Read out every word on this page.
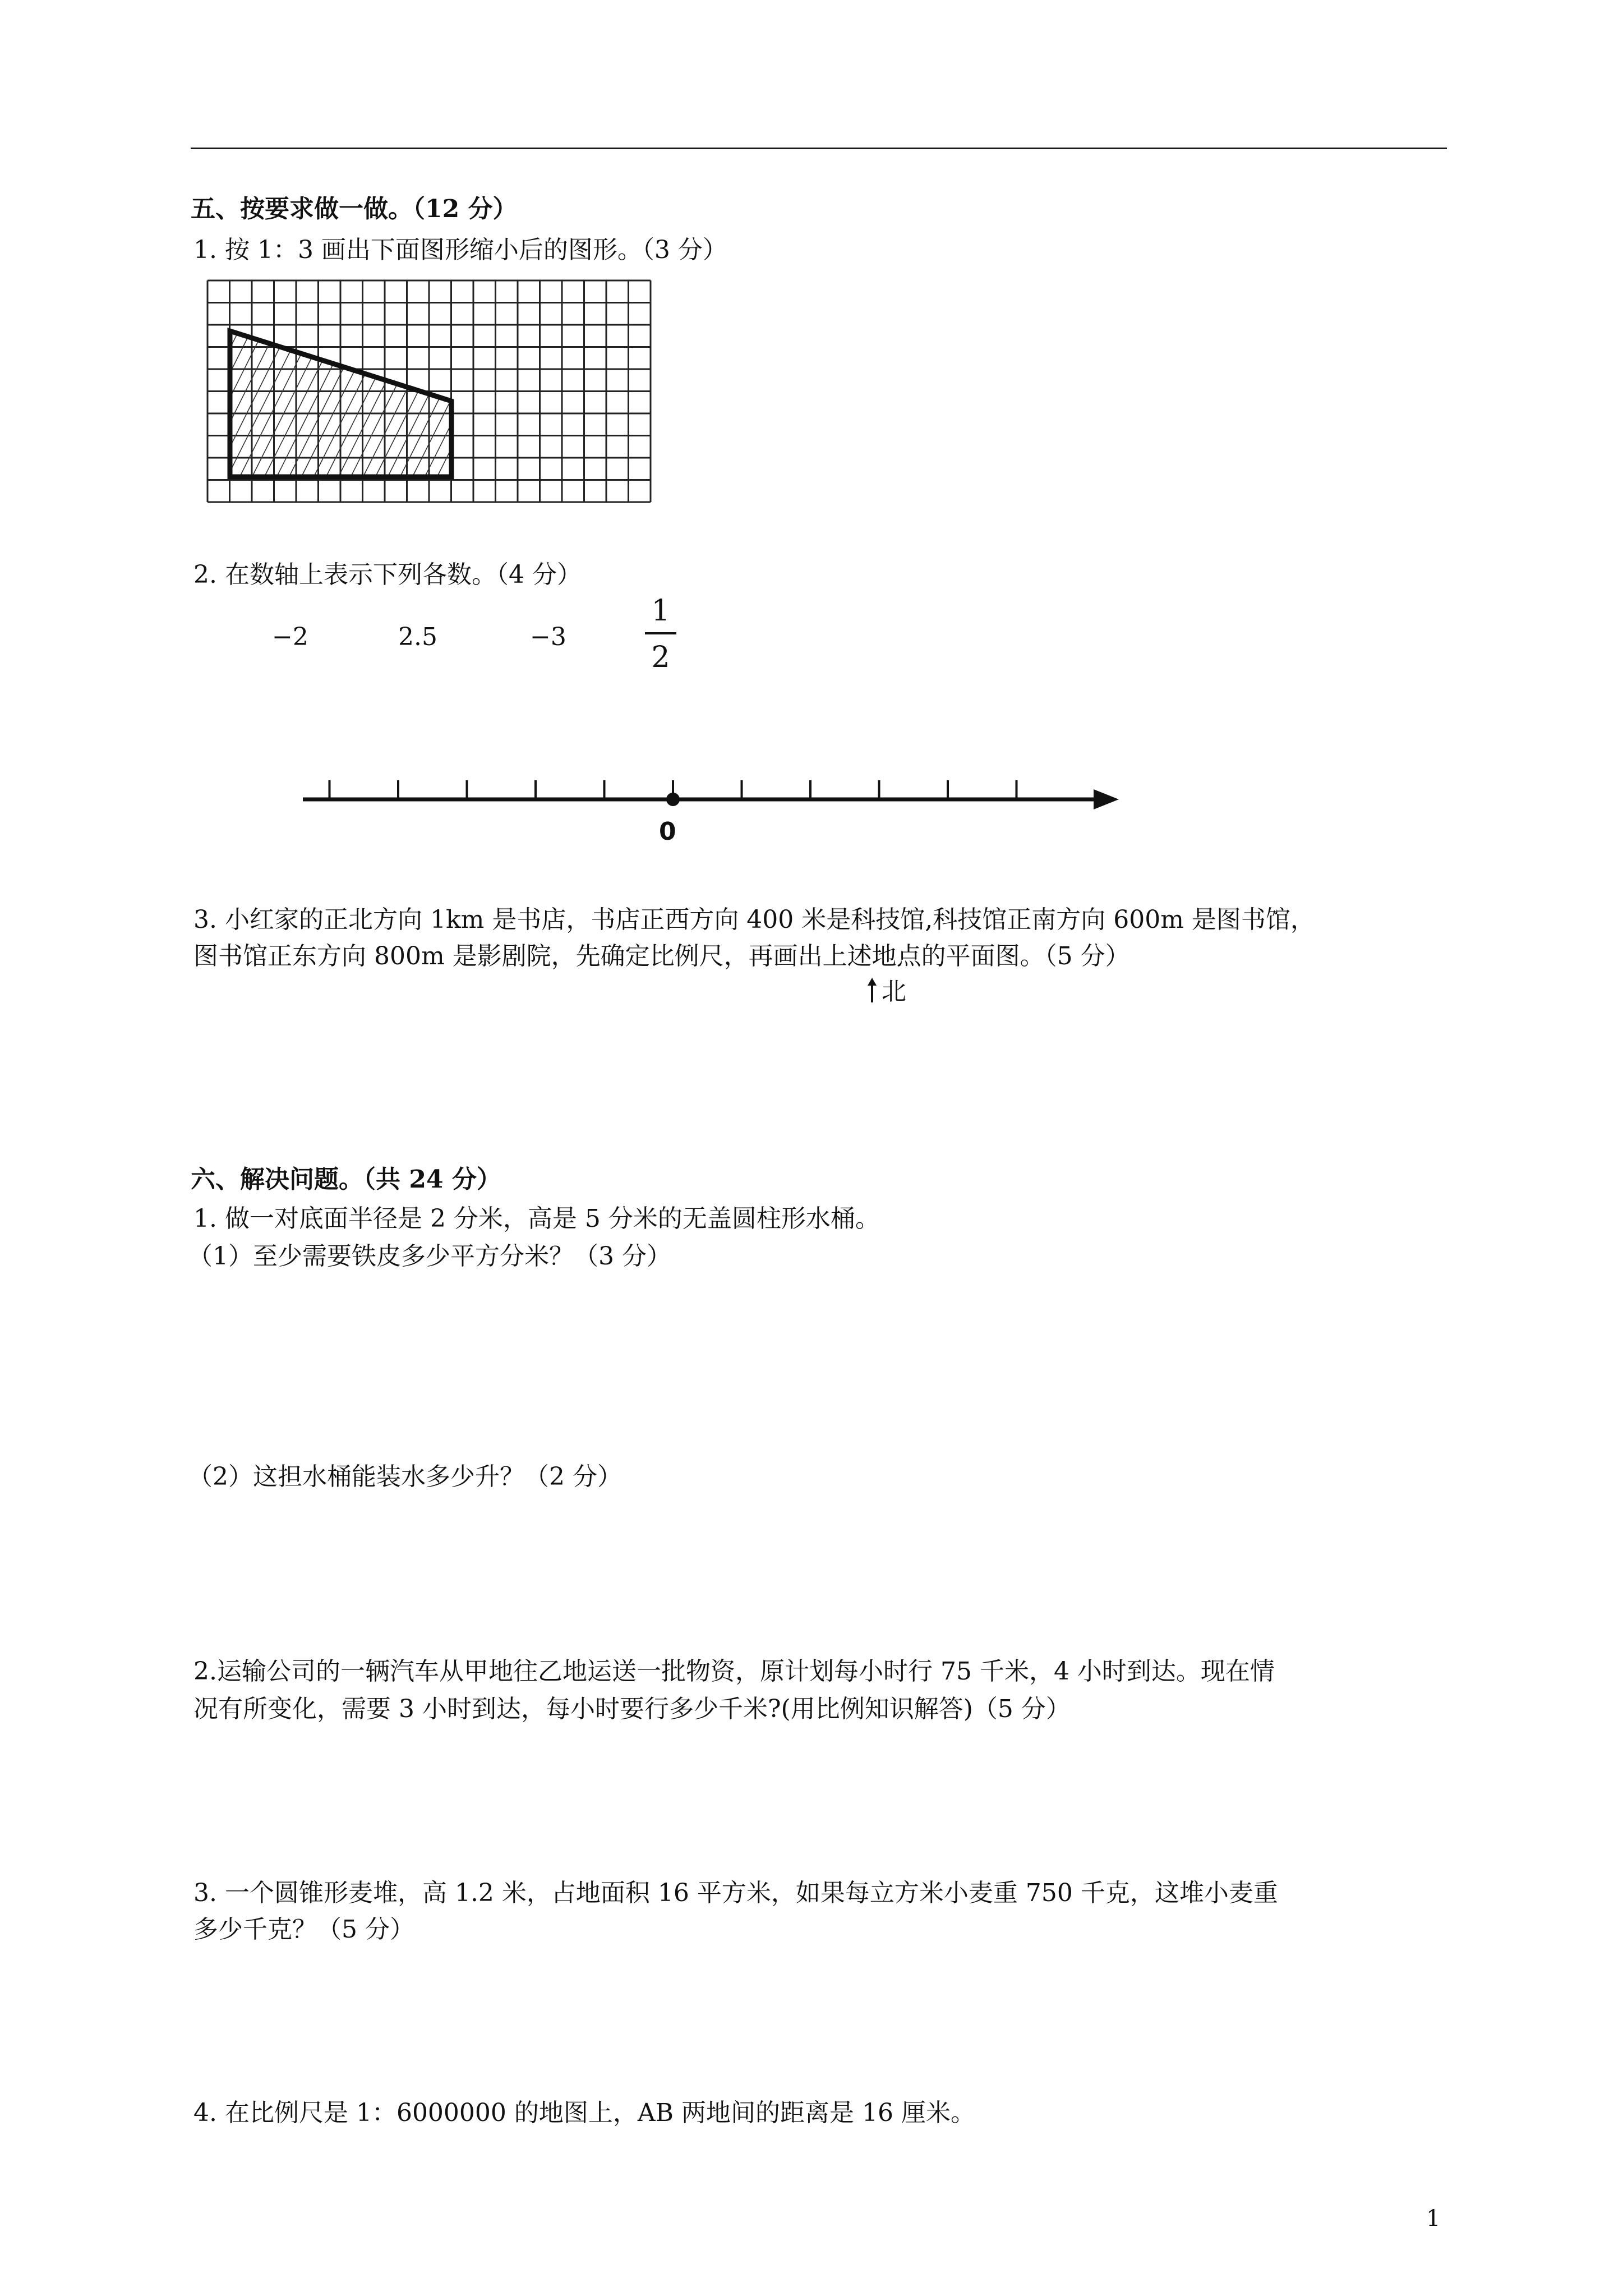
五、按要求做一做。（12 分）
1. 按 1：3 画出下面图形缩小后的图形。（3 分）
2. 在数轴上表示下列各数。（4 分）
−2	2.5	−3
1
2
0
3. 小红家的正北方向 1km 是书店，书店正西方向 400 米是科技馆,科技馆正南方向 600m 是图书馆，
图书馆正东方向 800m 是影剧院，先确定比例尺，再画出上述地点的平面图。（5 分）
北
六、解决问题。（共 24 分）
1. 做一对底面半径是 2 分米，高是 5 分米的无盖圆柱形水桶。
（1）至少需要铁皮多少平方分米？（3 分）
（2）这担水桶能装水多少升？（2 分）
2.运输公司的一辆汽车从甲地往乙地运送一批物资，原计划每小时行 75 千米，4 小时到达。现在情
况有所变化，需要 3 小时到达，每小时要行多少千米?(用比例知识解答)（5 分）
3. 一个圆锥形麦堆，高 1.2 米，占地面积 16 平方米，如果每立方米小麦重 750 千克，这堆小麦重
多少千克？（5 分）
4. 在比例尺是 1：6000000 的地图上，AB 两地间的距离是 16 厘米。
1
